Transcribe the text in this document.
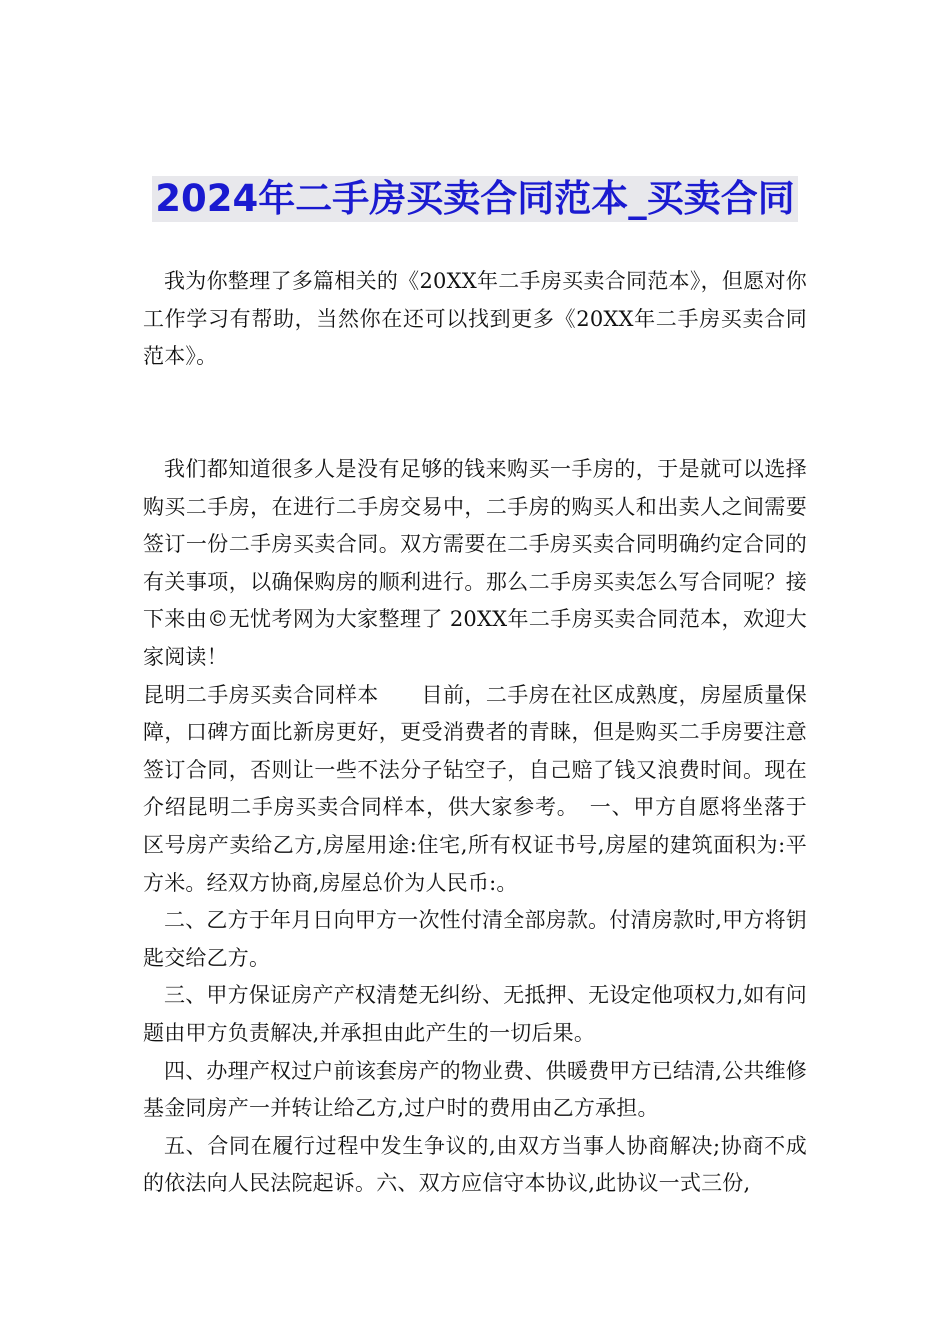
2024年二手房买卖合同范本_买卖合同

我为你整理了多篇相关的《20XX年二手房买卖合同范本》，但愿对你工作学习有帮助，当然你在还可以找到更多《20XX年二手房买卖合同范本》。

我们都知道很多人是没有足够的钱来购买一手房的，于是就可以选择购买二手房，在进行二手房交易中，二手房的购买人和出卖人之间需要签订一份二手房买卖合同。双方需要在二手房买卖合同明确约定合同的有关事项，以确保购房的顺利进行。那么二手房买卖怎么写合同呢？接下来由©无忧考网为大家整理了 20XX年二手房买卖合同范本，欢迎大家阅读！

昆明二手房买卖合同样本　　目前，二手房在社区成熟度，房屋质量保障，口碑方面比新房更好，更受消费者的青睐，但是购买二手房要注意签订合同，否则让一些不法分子钻空子，自己赔了钱又浪费时间。现在介绍昆明二手房买卖合同样本，供大家参考。　一、甲方自愿将坐落于区号房产卖给乙方,房屋用途:住宅,所有权证书号,房屋的建筑面积为:平方米。经双方协商,房屋总价为人民币:。

二、乙方于年月日向甲方一次性付清全部房款。付清房款时,甲方将钥匙交给乙方。

三、甲方保证房产产权清楚无纠纷、无抵押、无设定他项权力,如有问题由甲方负责解决,并承担由此产生的一切后果。

四、办理产权过户前该套房产的物业费、供暖费甲方已结清,公共维修基金同房产一并转让给乙方,过户时的费用由乙方承担。

五、合同在履行过程中发生争议的,由双方当事人协商解决;协商不成的依法向人民法院起诉。六、双方应信守本协议,此协议一式三份,
